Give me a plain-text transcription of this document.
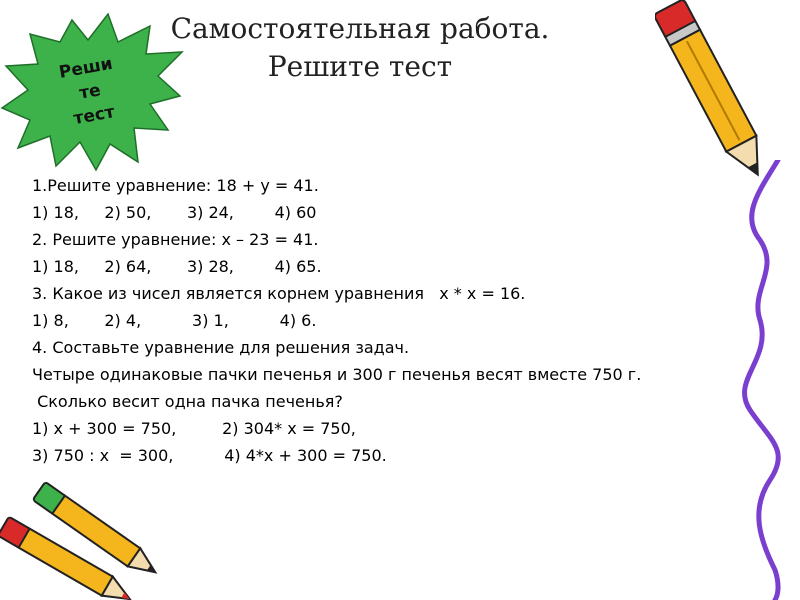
Самостоятельная работа.
Решите тест
Реши
те
тест
1.Решите уравнение: 18 + у = 41.
1) 18,     2) 50,       3) 24,        4) 60
2. Решите уравнение: х – 23 = 41.
1) 18,     2) 64,       3) 28,        4) 65.
3. Какое из чисел является корнем уравнения   х * х = 16.
1) 8,       2) 4,          3) 1,          4) 6.
4. Составьте уравнение для решения задач.
Четыре одинаковые пачки печенья и 300 г печенья весят вместе 750 г.
Сколько весит одна пачка печенья?
1) х + 300 = 750,         2) 304* х = 750,
3) 750 : х  = 300,          4) 4*х + 300 = 750.
